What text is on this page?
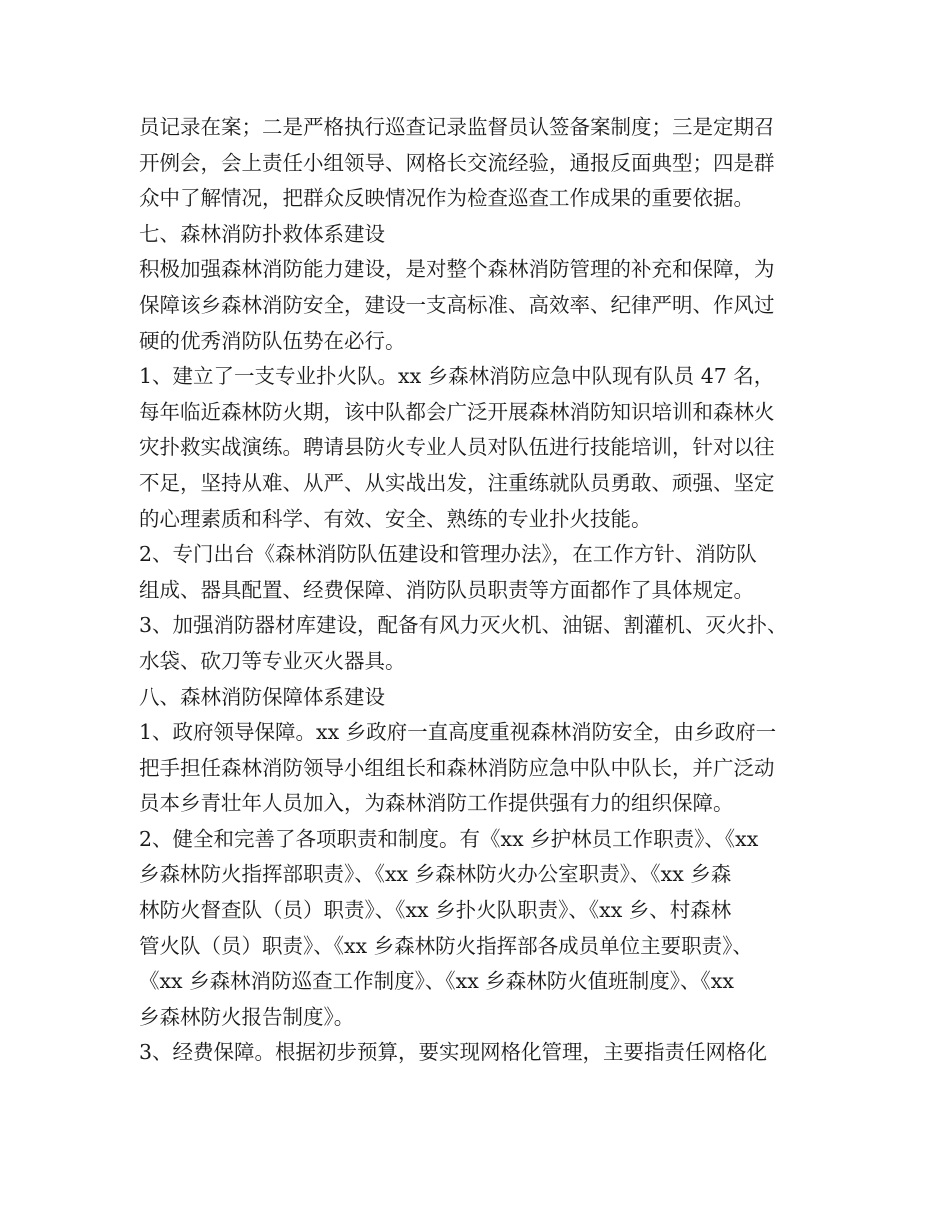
员记录在案；二是严格执行巡查记录监督员认签备案制度；三是定期召
开例会，会上责任小组领导、网格长交流经验，通报反面典型；四是群
众中了解情况，把群众反映情况作为检查巡查工作成果的重要依据。
七、森林消防扑救体系建设
积极加强森林消防能力建设，是对整个森林消防管理的补充和保障，为
保障该乡森林消防安全，建设一支高标准、高效率、纪律严明、作风过
硬的优秀消防队伍势在必行。
1、建立了一支专业扑火队。xx 乡森林消防应急中队现有队员 47 名，
每年临近森林防火期，该中队都会广泛开展森林消防知识培训和森林火
灾扑救实战演练。聘请县防火专业人员对队伍进行技能培训，针对以往
不足，坚持从难、从严、从实战出发，注重练就队员勇敢、顽强、坚定
的心理素质和科学、有效、安全、熟练的专业扑火技能。
2、专门出台《森林消防队伍建设和管理办法》，在工作方针、消防队
组成、器具配置、经费保障、消防队员职责等方面都作了具体规定。
3、加强消防器材库建设，配备有风力灭火机、油锯、割灌机、灭火扑、
水袋、砍刀等专业灭火器具。
八、森林消防保障体系建设
1、政府领导保障。xx 乡政府一直高度重视森林消防安全，由乡政府一
把手担任森林消防领导小组组长和森林消防应急中队中队长，并广泛动
员本乡青壮年人员加入，为森林消防工作提供强有力的组织保障。
2、健全和完善了各项职责和制度。有《xx 乡护林员工作职责》、《xx
乡森林防火指挥部职责》、《xx 乡森林防火办公室职责》、《xx 乡森
林防火督查队（员）职责》、《xx 乡扑火队职责》、《xx 乡、村森林
管火队（员）职责》、《xx 乡森林防火指挥部各成员单位主要职责》、
《xx 乡森林消防巡查工作制度》、《xx 乡森林防火值班制度》、《xx
乡森林防火报告制度》。
3、经费保障。根据初步预算，要实现网格化管理，主要指责任网格化
